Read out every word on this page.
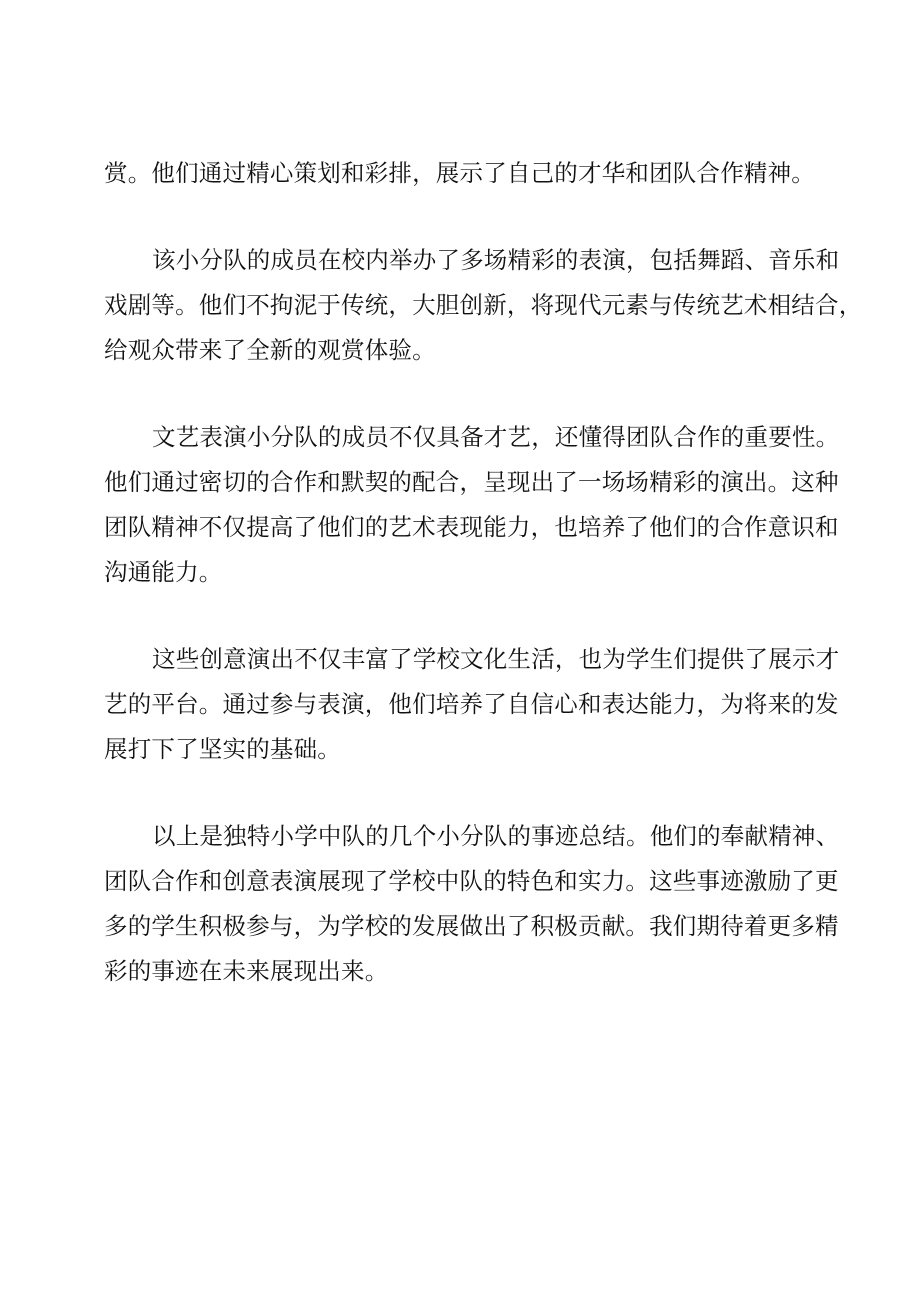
赏。他们通过精心策划和彩排，展示了自己的才华和团队合作精神。

该小分队的成员在校内举办了多场精彩的表演，包括舞蹈、音乐和
戏剧等。他们不拘泥于传统，大胆创新，将现代元素与传统艺术相结合，
给观众带来了全新的观赏体验。

文艺表演小分队的成员不仅具备才艺，还懂得团队合作的重要性。
他们通过密切的合作和默契的配合，呈现出了一场场精彩的演出。这种
团队精神不仅提高了他们的艺术表现能力，也培养了他们的合作意识和
沟通能力。

这些创意演出不仅丰富了学校文化生活，也为学生们提供了展示才
艺的平台。通过参与表演，他们培养了自信心和表达能力，为将来的发
展打下了坚实的基础。

以上是独特小学中队的几个小分队的事迹总结。他们的奉献精神、
团队合作和创意表演展现了学校中队的特色和实力。这些事迹激励了更
多的学生积极参与，为学校的发展做出了积极贡献。我们期待着更多精
彩的事迹在未来展现出来。
